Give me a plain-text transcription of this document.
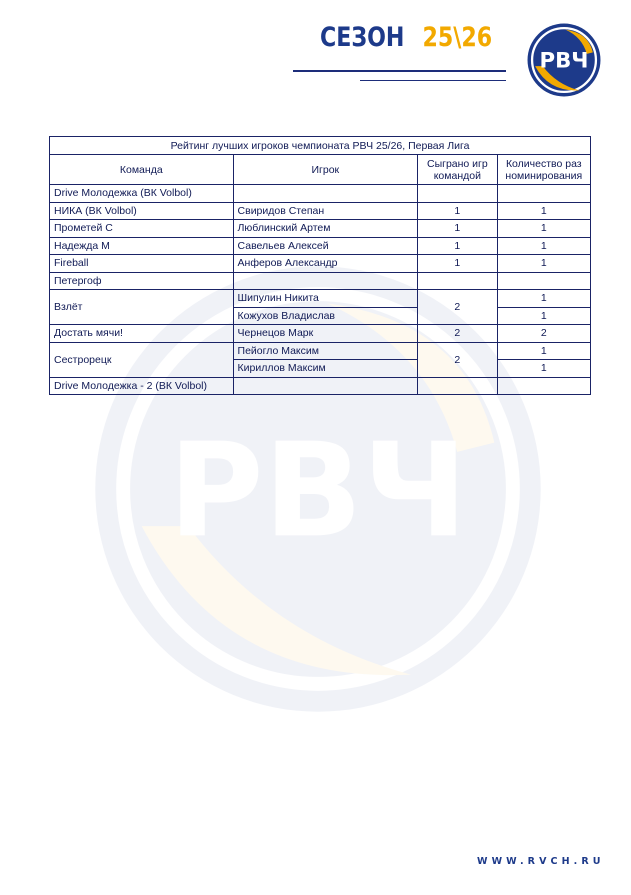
СЕЗОН 25\26
РВЧ
РВЧ
Рейтинг лучших игроков чемпионата РВЧ 25/26, Первая Лига			
Команда	Игрок	Сыграно игр командой	Количество раз номинирования
Drive Молодежка (ВК Volbol)			
НИКА (ВК Volbol)	Свиридов Степан	1	1
Прометей С	Люблинский Артем	1	1
Надежда М	Савельев Алексей	1	1
Fireball	Анферов Александр	1	1
Петергоф			
Взлёт	Шипулин Никита	2	1
	Кожухов Владислав		1
Достать мячи!	Чернецов Марк	2	2
Сестрорецк	Пейогло Максим	2	1
	Кириллов Максим		1
Drive Молодежка - 2 (ВК Volbol)			
WWW.RVCH.RU
